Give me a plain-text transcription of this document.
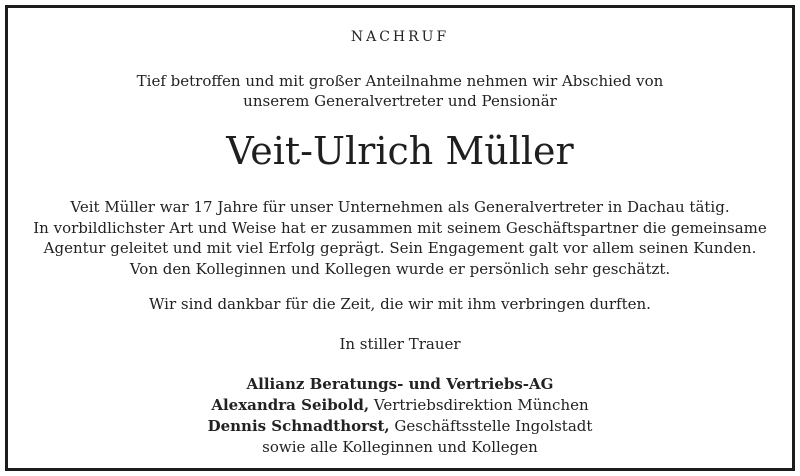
NACHRUF
Tief betroffen und mit großer Anteilnahme nehmen wir Abschied von
unserem Generalvertreter und Pensionär
Veit-Ulrich Müller
Veit Müller war 17 Jahre für unser Unternehmen als Generalvertreter in Dachau tätig.
In vorbildlichster Art und Weise hat er zusammen mit seinem Geschäftspartner die gemeinsame
Agentur geleitet und mit viel Erfolg geprägt. Sein Engagement galt vor allem seinen Kunden.
Von den Kolleginnen und Kollegen wurde er persönlich sehr geschätzt.
Wir sind dankbar für die Zeit, die wir mit ihm verbringen durften.
In stiller Trauer
Allianz Beratungs- und Vertriebs-AG
Alexandra Seibold, Vertriebsdirektion München
Dennis Schnadthorst, Geschäftsstelle Ingolstadt
sowie alle Kolleginnen und Kollegen
